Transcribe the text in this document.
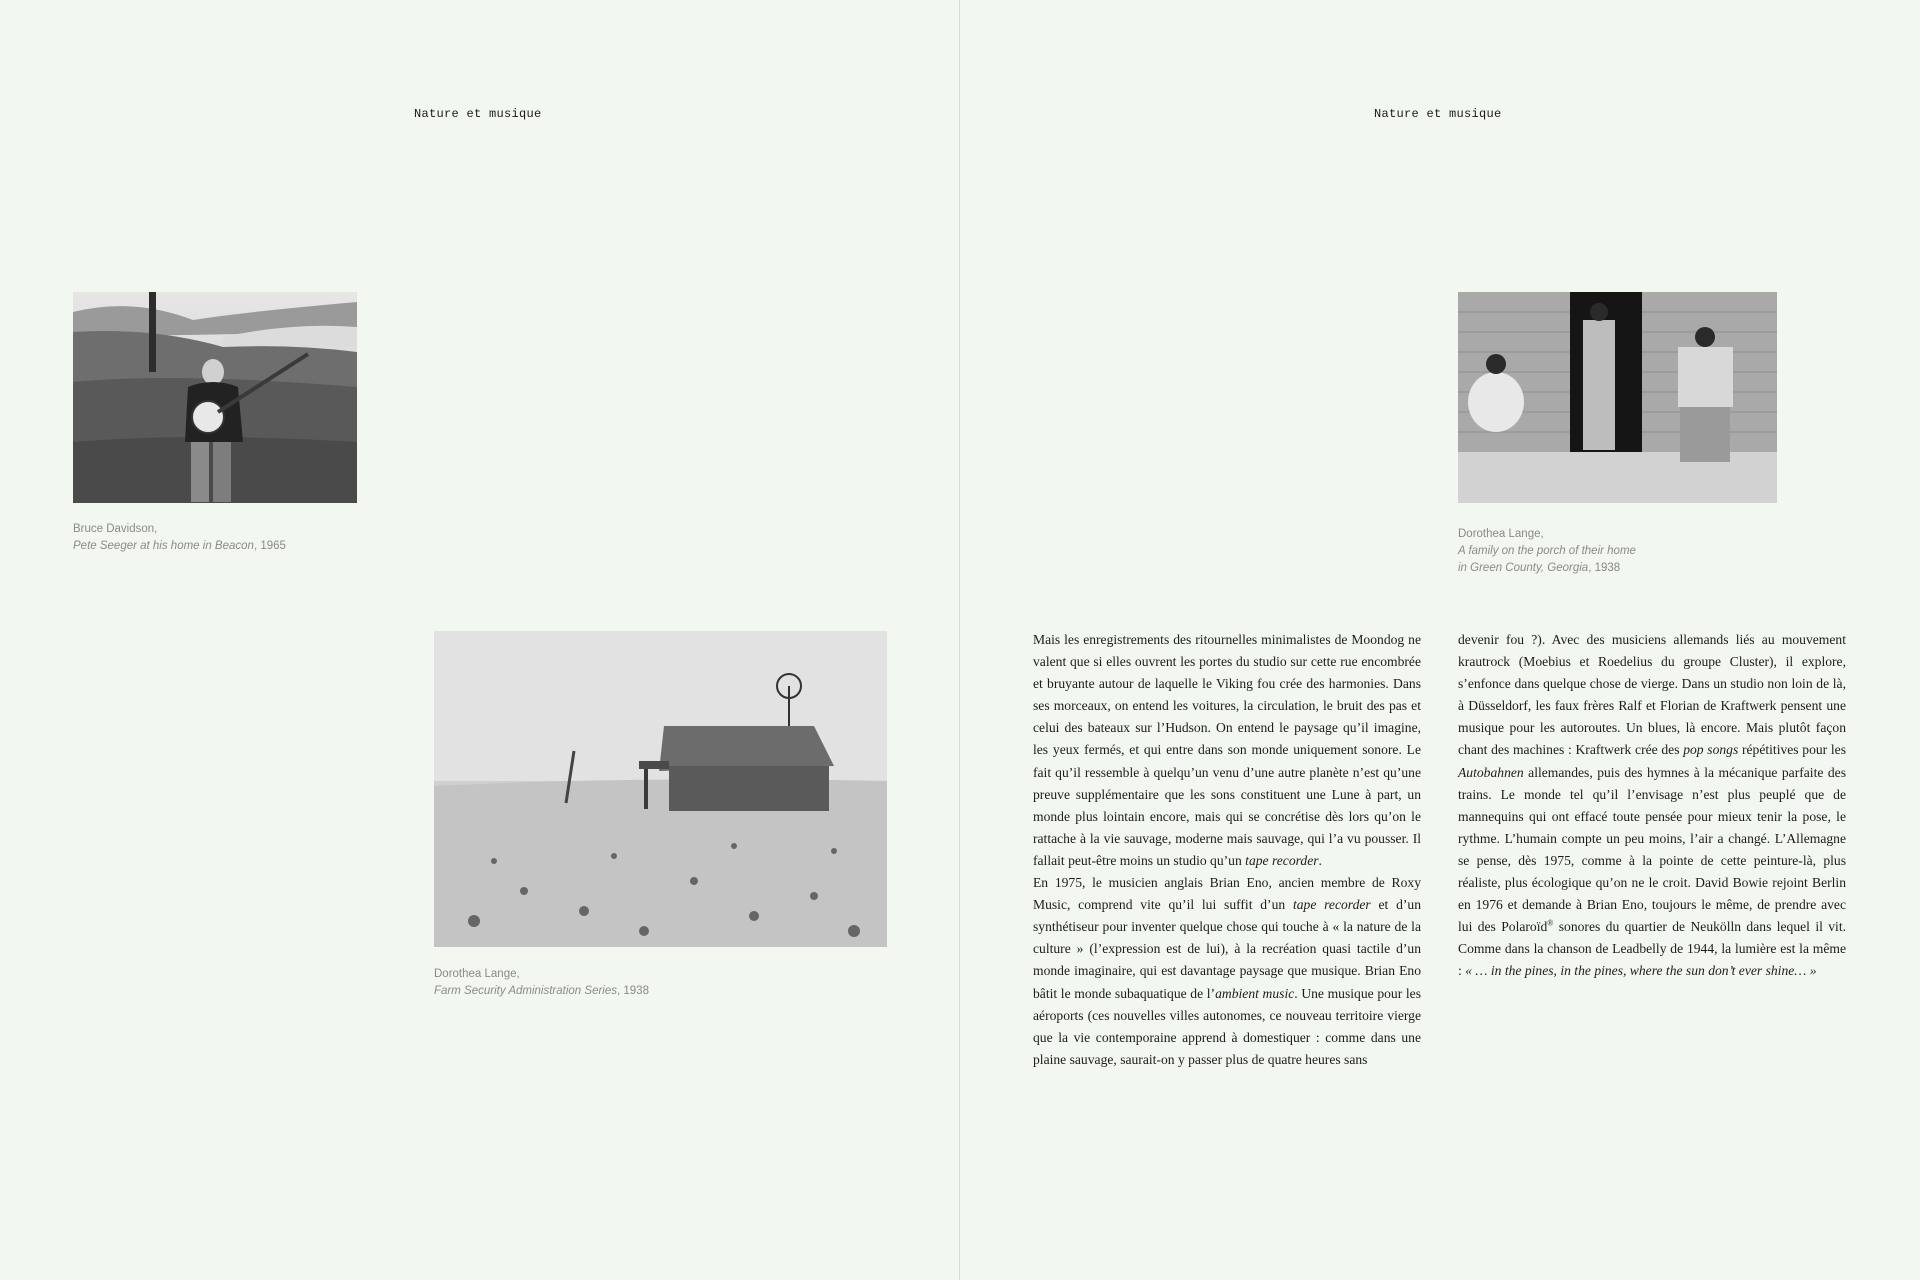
Nature et musique
Bruce Davidson,
Pete Seeger at his home in Beacon, 1965
Dorothea Lange,
Farm Security Administration Series, 1938
Nature et musique
Dorothea Lange,
A family on the porch of their home
in Green County, Georgia, 1938

Mais les enregistrements des ritournelles minimalistes de Moondog ne valent que si elles ouvrent les portes du studio sur cette rue encombrée et bruyante autour de laquelle le Viking fou crée des harmonies. Dans ses morceaux, on entend les voitures, la circulation, le bruit des pas et celui des bateaux sur l’Hudson. On entend le paysage qu’il imagine, les yeux fermés, et qui entre dans son monde uniquement sonore. Le fait qu’il ressemble à quelqu’un venu d’une autre planète n’est qu’une preuve supplémentaire que les sons constituent une Lune à part, un monde plus lointain encore, mais qui se concrétise dès lors qu’on le rattache à la vie sauvage, moderne mais sauvage, qui l’a vu pousser. Il fallait peut-être moins un studio qu’un tape recorder.

En 1975, le musicien anglais Brian Eno, ancien membre de Roxy Music, comprend vite qu’il lui suffit d’un tape recorder et d’un synthétiseur pour inventer quelque chose qui touche à « la nature de la culture » (l’expression est de lui), à la recréation quasi tactile d’un monde imaginaire, qui est davantage paysage que musique. Brian Eno bâtit le monde subaquatique de l’ambient music. Une musique pour les aéroports (ces nouvelles villes autonomes, ce nouveau territoire vierge que la vie contemporaine apprend à domestiquer : comme dans une plaine sauvage, saurait-on y passer plus de quatre heures sans

devenir fou ?). Avec des musiciens allemands liés au mouvement krautrock (Moebius et Roedelius du groupe Cluster), il explore, s’enfonce dans quelque chose de vierge. Dans un studio non loin de là, à Düsseldorf, les faux frères Ralf et Florian de Kraftwerk pensent une musique pour les autoroutes. Un blues, là encore. Mais plutôt façon chant des machines : Kraftwerk crée des pop songs répétitives pour les Autobahnen allemandes, puis des hymnes à la mécanique parfaite des trains. Le monde tel qu’il l’envisage n’est plus peuplé que de mannequins qui ont effacé toute pensée pour mieux tenir la pose, le rythme. L’humain compte un peu moins, l’air a changé. L’Allemagne se pense, dès 1975, comme à la pointe de cette peinture-là, plus réaliste, plus écologique qu’on ne le croit. David Bowie rejoint Berlin en 1976 et demande à Brian Eno, toujours le même, de prendre avec lui des Polaroïd® sonores du quartier de Neukölln dans lequel il vit. Comme dans la chanson de Leadbelly de 1944, la lumière est la même : « … in the pines, in the pines, where the sun don’t ever shine… »
